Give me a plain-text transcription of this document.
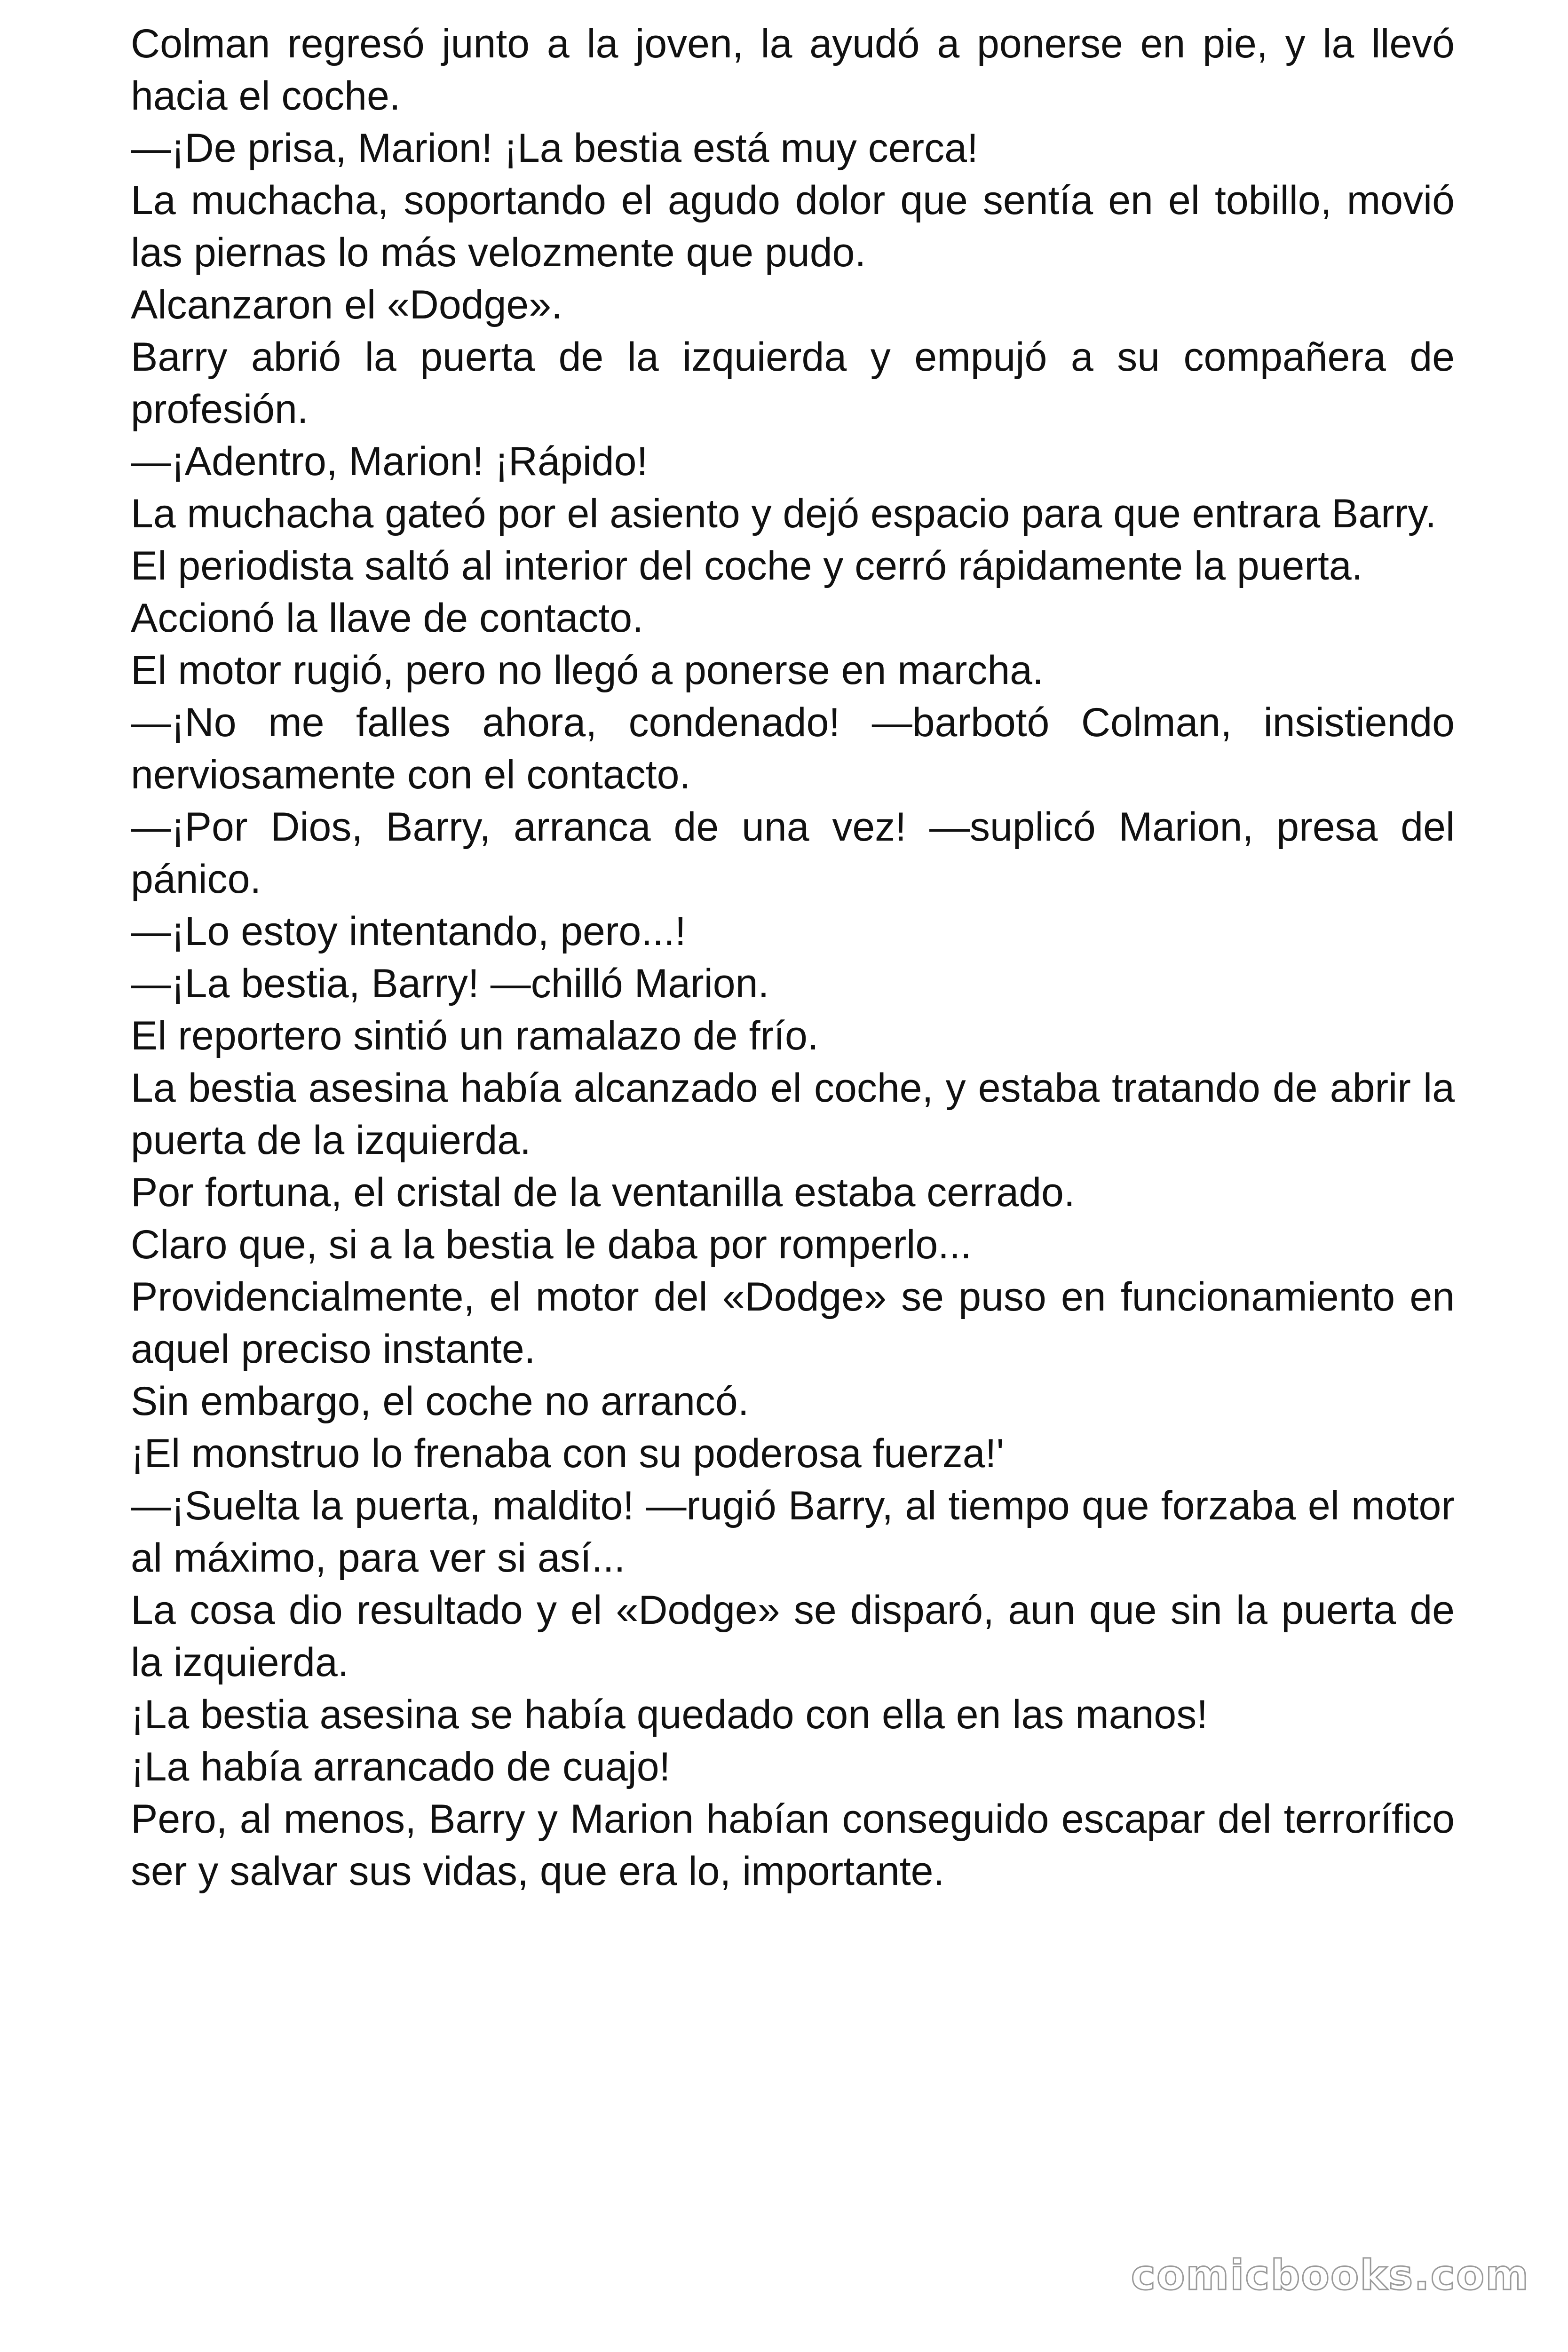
Colman regresó junto a la joven, la ayudó a ponerse en pie, y la llevó hacia el coche.

—¡De prisa, Marion! ¡La bestia está muy cerca!

La muchacha, soportando el agudo dolor que sentía en el tobillo, movió las piernas lo más velozmente que pudo.

Alcanzaron el «Dodge».

Barry abrió la puerta de la izquierda y empujó a su compañera de profesión.

—¡Adentro, Marion! ¡Rápido!

La muchacha gateó por el asiento y dejó espacio para que entrara Barry.

El periodista saltó al interior del coche y cerró rápidamente la puerta.

Accionó la llave de contacto.

El motor rugió, pero no llegó a ponerse en marcha.

—¡No me falles ahora, condenado! —barbotó Colman, insistiendo nerviosamente con el contacto.

—¡Por Dios, Barry, arranca de una vez! —suplicó Marion, presa del pánico.

—¡Lo estoy intentando, pero...!

—¡La bestia, Barry! —chilló Marion.

El reportero sintió un ramalazo de frío.

La bestia asesina había alcanzado el coche, y estaba tratando de abrir la puerta de la izquierda.

Por fortuna, el cristal de la ventanilla estaba cerrado.

Claro que, si a la bestia le daba por romperlo...

Providencialmente, el motor del «Dodge» se puso en funcionamiento en aquel preciso instante.

Sin embargo, el coche no arrancó.

¡El monstruo lo frenaba con su poderosa fuerza!'

—¡Suelta la puerta, maldito! —rugió Barry, al tiempo que forzaba el motor al máximo, para ver si así...

La cosa dio resultado y el «Dodge» se disparó, aun que sin la puerta de la izquierda.

¡La bestia asesina se había quedado con ella en las manos!

¡La había arrancado de cuajo!

Pero, al menos, Barry y Marion habían conseguido escapar del terrorífico ser y salvar sus vidas, que era lo, importante.

comicbooks.com
